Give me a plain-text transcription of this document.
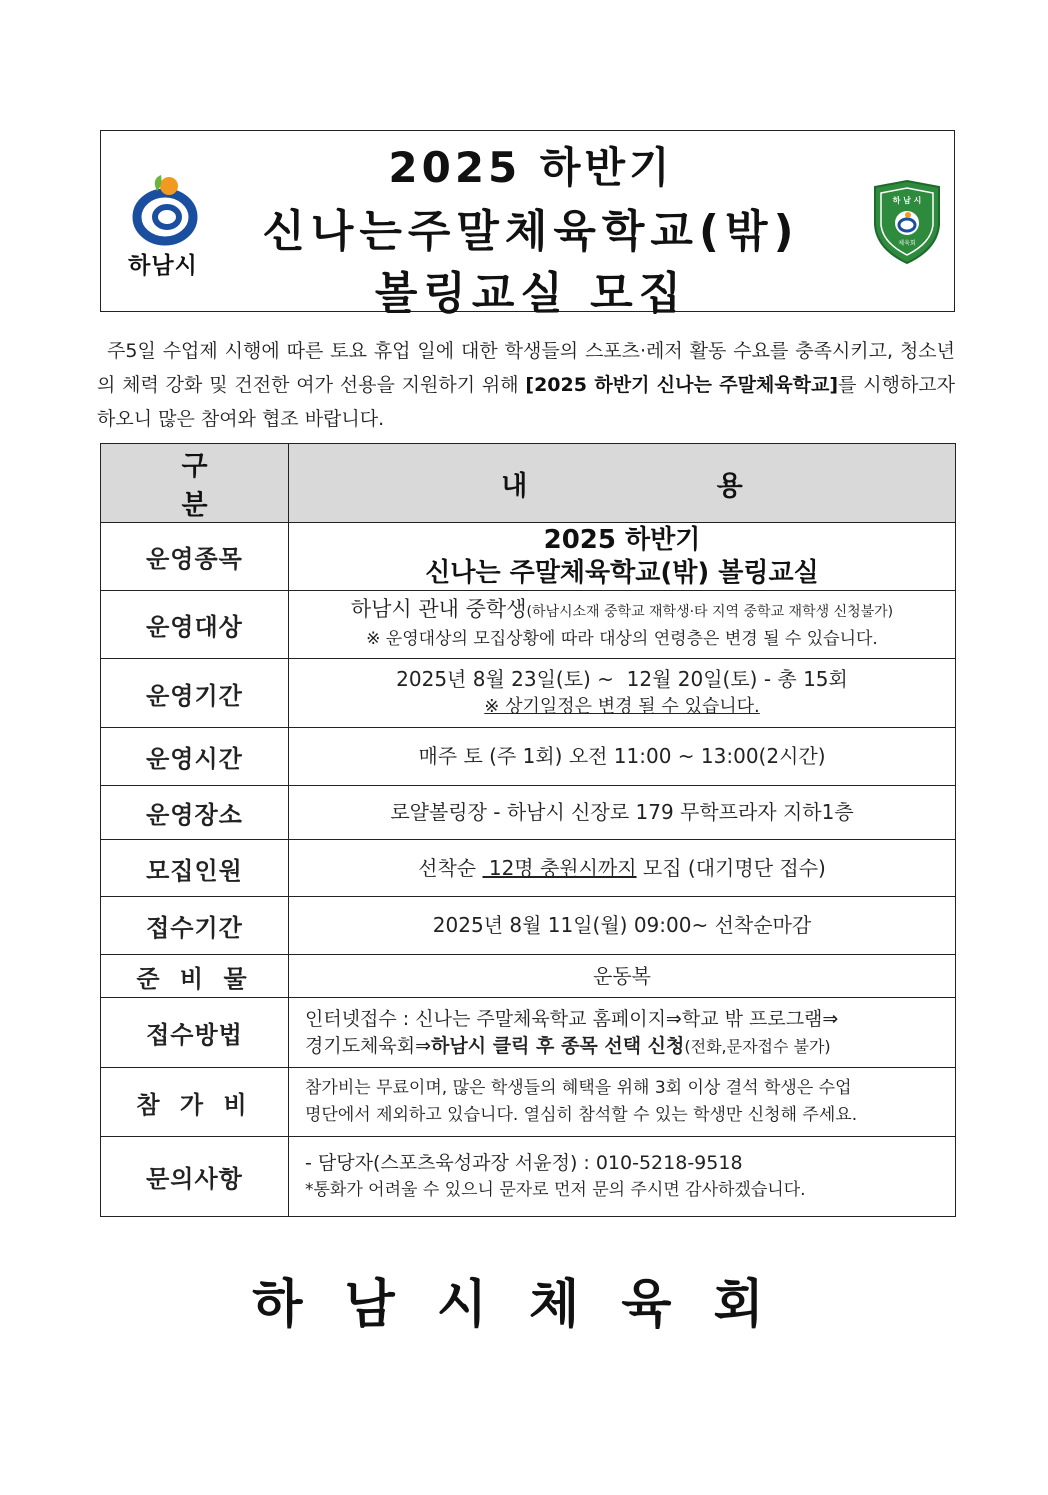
하남시
2025 하반기
신나는주말체육학교(밖)
볼링교실 모집
하 남 시
체육회

주5일 수업제 시행에 따른 토요 휴업 일에 대한 학생들의 스포츠·레저 활동 수요를 충족시키고, 청소년의 체력 강화 및 건전한 여가 선용을 지원하기 위해 [2025 하반기 신나는 주말체육학교]를 시행하고자 하오니 많은 참여와 협조 바랍니다.

구 분	내 용
운영종목	2025 하반기
신나는 주말체육학교(밖) 볼링교실

운영대상	하남시 관내 중학생(하남시소재 중학교 재학생·타 지역 중학교 재학생 신청불가)
※ 운영대상의 모집상황에 따라 대상의 연령층은 변경 될 수 있습니다.

운영기간	2025년 8월 23일(토) ~  12월 20일(토) - 총 15회
※ 상기일정은 변경 될 수 있습니다.

운영시간	매주 토 (주 1회) 오전 11:00 ~ 13:00(2시간)
운영장소	로얄볼링장 - 하남시 신장로 179 무학프라자 지하1층
모집인원	선착순  12명 충원시까지 모집 (대기명단 접수)
접수기간	2025년 8월 11일(월) 09:00~ 선착순마감
준 비 물	운동복
접수방법	인터넷접수 : 신나는 주말체육학교 홈페이지⇒학교 밖 프로그램⇒
경기도체육회⇒하남시 클릭 후 종목 선택 신청(전화,문자접수 불가)

참 가 비	참가비는 무료이며, 많은 학생들의 혜택을 위해 3회 이상 결석 학생은 수업
명단에서 제외하고 있습니다. 열심히 참석할 수 있는 학생만 신청해 주세요.

문의사항	- 담당자(스포츠육성과장 서윤정) : 010-5218-9518
*통화가 어려울 수 있으니 문자로 먼저 문의 주시면 감사하겠습니다.
하남시체육회
